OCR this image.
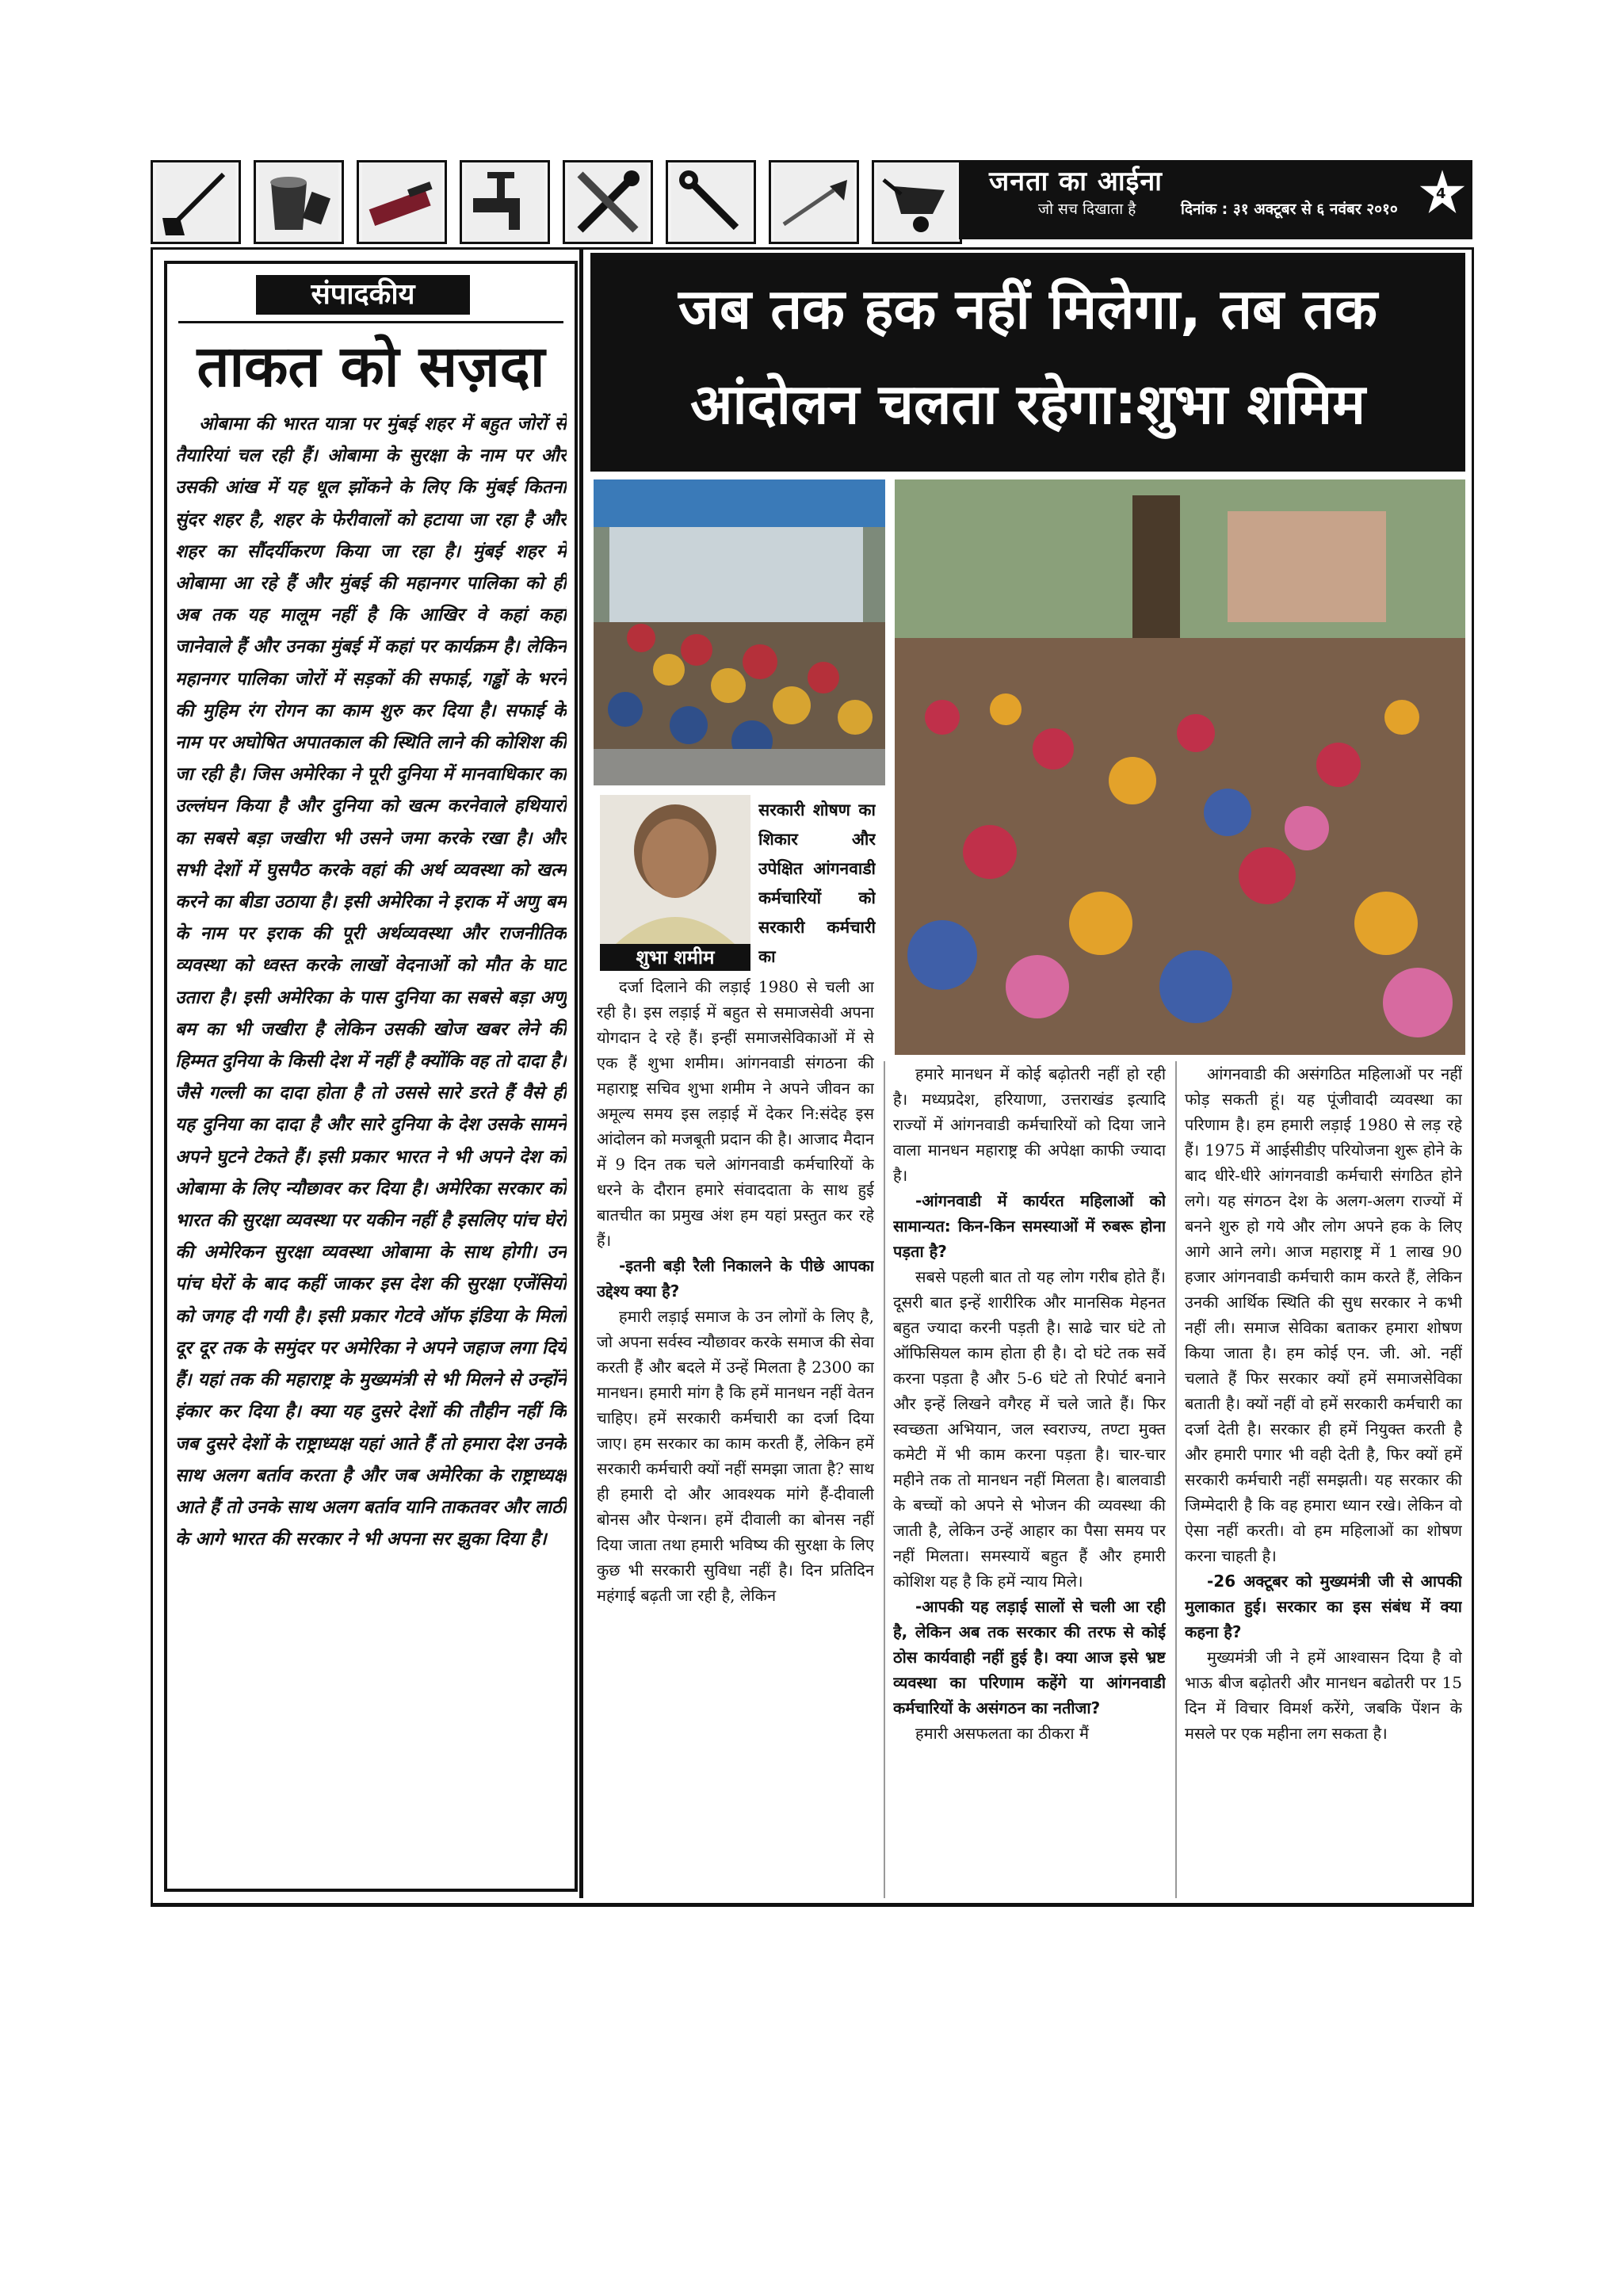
जनता का आईना
जो सच दिखाता है	दिनांक : ३१ अक्टूबर से ६ नवंबर २०१०
4
संपादकीय
ताकत को सज़दा
ओबामा की भारत यात्रा पर मुंबई शहर में बहुत जोरों से तैयारियां चल रही हैं। ओबामा के सुरक्षा के नाम पर और उसकी आंख में यह धूल झोंकने के लिए कि मुंबई कितना सुंदर शहर है, शहर के फेरीवालों को हटाया जा रहा है और शहर का सौंदर्यीकरण किया जा रहा है। मुंबई शहर में ओबामा आ रहे हैं और मुंबई की महानगर पालिका को ही अब तक यह मालूम नहीं है कि आखिर वे कहां कहां जानेवाले हैं और उनका मुंबई में कहां पर कार्यक्रम है। लेकिन महानगर पालिका जोरों में सड़कों की सफाई, गड्ढों के भरने की मुहिम रंग रोगन का काम शुरु कर दिया है। सफाई के नाम पर अघोषित अपातकाल की स्थिति लाने की कोशिश की जा रही है। जिस अमेरिका ने पूरी दुनिया में मानवाधिकार का उल्लंघन किया है और दुनिया को खत्म करनेवाले हथियारों का सबसे बड़ा जखीरा भी उसने जमा करके रखा है। और सभी देशों में घुसपैठ करके वहां की अर्थ व्यवस्था को खत्म करने का बीडा उठाया है। इसी अमेरिका ने इराक में अणु बम के नाम पर इराक की पूरी अर्थव्यवस्था और राजनीतिक व्यवस्था को ध्वस्त करके लाखों वेदनाओं को मौत के घाट उतारा है। इसी अमेरिका के पास दुनिया का सबसे बड़ा अणु बम का भी जखीरा है लेकिन उसकी खोज खबर लेने की हिम्मत दुनिया के किसी देश में नहीं है क्योंकि वह तो दादा है। जैसे गल्ली का दादा होता है तो उससे सारे डरते हैं वैसे ही यह दुनिया का दादा है और सारे दुनिया के देश उसके सामने अपने घुटने टेकते हैं। इसी प्रकार भारत ने भी अपने देश को ओबामा के लिए न्यौछावर कर दिया है। अमेरिका सरकार को भारत की सुरक्षा व्यवस्था पर यकीन नहीं है इसलिए पांच घेरों की अमेरिकन सुरक्षा व्यवस्था ओबामा के साथ होगी। उन पांच घेरों के बाद कहीं जाकर इस देश की सुरक्षा एजेंसियों को जगह दी गयी है। इसी प्रकार गेटवे ऑफ इंडिया के मिलों दूर दूर तक के समुंदर पर अमेरिका ने अपने जहाज लगा दिये हैं। यहां तक की महाराष्ट्र के मुख्यमंत्री से भी मिलने से उन्होंने इंकार कर दिया है। क्या यह दुसरे देशों की तौहीन नहीं कि जब दुसरे देशों के राष्ट्राध्यक्ष यहां आते हैं तो हमारा देश उनके साथ अलग बर्ताव करता है और जब अमेरिका के राष्ट्राध्यक्ष आते हैं तो उनके साथ अलग बर्ताव यानि ताकतवर और लाठी के आगे भारत की सरकार ने भी अपना सर झुका दिया है।
जब तक हक नहीं मिलेगा, तब तक
आंदोलन चलता रहेगा:शुभा शमिम
शुभा शमीम
सरकारी शोषण का शिकार और उपेक्षित आंगनवाडी कर्मचारियों को सरकारी कर्मचारी का

दर्जा दिलाने की लड़ाई 1980 से चली आ रही है। इस लड़ाई में बहुत से समाजसेवी अपना योगदान दे रहे हैं। इन्हीं समाजसेविकाओं में से एक हैं शुभा शमीम। आंगनवाडी संगठना की महाराष्ट्र सचिव शुभा शमीम ने अपने जीवन का अमूल्य समय इस लड़ाई में देकर नि:संदेह इस आंदोलन को मजबूती प्रदान की है। आजाद मैदान में 9 दिन तक चले आंगनवाडी कर्मचारियों के धरने के दौरान हमारे संवाददाता के साथ हुई बातचीत का प्रमुख अंश हम यहां प्रस्तुत कर रहे हैं।

-इतनी बड़ी रैली निकालने के पीछे आपका उद्देश्य क्या है?

हमारी लड़ाई समाज के उन लोगों के लिए है, जो अपना सर्वस्व न्यौछावर करके समाज की सेवा करती हैं और बदले में उन्हें मिलता है 2300 का मानधन। हमारी मांग है कि हमें मानधन नहीं वेतन चाहिए। हमें सरकारी कर्मचारी का दर्जा दिया जाए। हम सरकार का काम करती हैं, लेकिन हमें सरकारी कर्मचारी क्यों नहीं समझा जाता है? साथ ही हमारी दो और आवश्यक मांगे हैं-दीवाली बोनस और पेन्शन। हमें दीवाली का बोनस नहीं दिया जाता तथा हमारी भविष्य की सुरक्षा के लिए कुछ भी सरकारी सुविधा नहीं है। दिन प्रतिदिन महंगाई बढ़ती जा रही है, लेकिन

हमारे मानधन में कोई बढ़ोतरी नहीं हो रही है। मध्यप्रदेश, हरियाणा, उत्तराखंड इत्यादि राज्यों में आंगनवाडी कर्मचारियों को दिया जाने वाला मानधन महाराष्ट्र की अपेक्षा काफी ज्यादा है।

-आंगनवाडी में कार्यरत महिलाओं को सामान्यत: किन-किन समस्याओं में रुबरू होना पड़ता है?

सबसे पहली बात तो यह लोग गरीब होते हैं। दूसरी बात इन्हें शारीरिक और मानसिक मेहनत बहुत ज्यादा करनी पड़ती है। साढे चार घंटे तो ऑफिसियल काम होता ही है। दो घंटे तक सर्वे करना पड़ता है और 5-6 घंटे तो रिपोर्ट बनाने और इन्हें लिखने वगैरह में चले जाते हैं। फिर स्वच्छता अभियान, जल स्वराज्य, तण्टा मुक्त कमेटी में भी काम करना पड़ता है। चार-चार महीने तक तो मानधन नहीं मिलता है। बालवाडी के बच्चों को अपने से भोजन की व्यवस्था की जाती है, लेकिन उन्हें आहार का पैसा समय पर नहीं मिलता। समस्यायें बहुत हैं और हमारी कोशिश यह है कि हमें न्याय मिले।

-आपकी यह लड़ाई सालों से चली आ रही है, लेकिन अब तक सरकार की तरफ से कोई ठोस कार्यवाही नहीं हुई है। क्या आज इसे भ्रष्ट व्यवस्था का परिणाम कहेंगे या आंगनवाडी कर्मचारियों के असंगठन का नतीजा?

हमारी असफलता का ठीकरा मैं

आंगनवाडी की असंगठित महिलाओं पर नहीं फोड़ सकती हूं। यह पूंजीवादी व्यवस्था का परिणाम है। हम हमारी लड़ाई 1980 से लड़ रहे हैं। 1975 में आईसीडीए परियोजना शुरू होने के बाद धीरे-धीरे आंगनवाडी कर्मचारी संगठित होने लगे। यह संगठन देश के अलग-अलग राज्यों में बनने शुरु हो गये और लोग अपने हक के लिए आगे आने लगे। आज महाराष्ट्र में 1 लाख 90 हजार आंगनवाडी कर्मचारी काम करते हैं, लेकिन उनकी आर्थिक स्थिति की सुध सरकार ने कभी नहीं ली। समाज सेविका बताकर हमारा शोषण किया जाता है। हम कोई एन. जी. ओ. नहीं चलाते हैं फिर सरकार क्यों हमें समाजसेविका बताती है। क्यों नहीं वो हमें सरकारी कर्मचारी का दर्जा देती है। सरकार ही हमें नियुक्त करती है और हमारी पगार भी वही देती है, फिर क्यों हमें सरकारी कर्मचारी नहीं समझती। यह सरकार की जिम्मेदारी है कि वह हमारा ध्यान रखे। लेकिन वो ऐसा नहीं करती। वो हम महिलाओं का शोषण करना चाहती है।

-26 अक्टूबर को मुख्यमंत्री जी से आपकी मुलाकात हुई। सरकार का इस संबंध में क्या कहना है?

मुख्यमंत्री जी ने हमें आश्वासन दिया है वो भाऊ बीज बढ़ोतरी और मानधन बढोतरी पर 15 दिन में विचार विमर्श करेंगे, जबकि पेंशन के मसले पर एक महीना लग सकता है।
